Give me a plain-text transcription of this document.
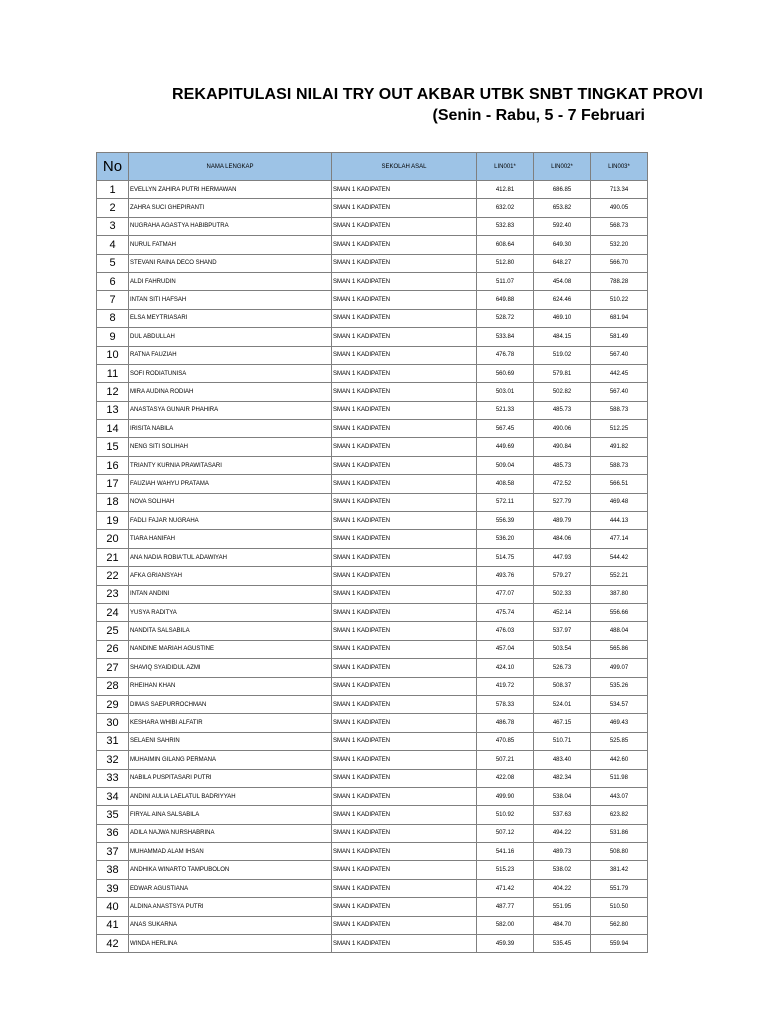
REKAPITULASI NILAI TRY OUT AKBAR UTBK SNBT TINGKAT PROVI
(Senin - Rabu, 5 - 7 Februari
No	NAMA LENGKAP	SEKOLAH ASAL	LIN001*	LIN002*	LIN003*
1	EVELLYN ZAHIRA PUTRI HERMAWAN	SMAN 1 KADIPATEN	412.81	686.85	713.34
2	ZAHRA SUCI GHEPIRANTI	SMAN 1 KADIPATEN	632.02	653.82	490.05
3	NUGRAHA AGASTYA HABIBPUTRA	SMAN 1 KADIPATEN	532.83	592.40	568.73
4	NURUL FATMAH	SMAN 1 KADIPATEN	608.64	649.30	532.20
5	STEVANI RAINA DECO SHAND	SMAN 1 KADIPATEN	512.80	648.27	566.70
6	ALDI FAHRUDIN	SMAN 1 KADIPATEN	511.07	454.08	788.28
7	INTAN SITI HAFSAH	SMAN 1 KADIPATEN	649.88	624.46	510.22
8	ELSA MEYTRIASARI	SMAN 1 KADIPATEN	528.72	469.10	681.94
9	DUL ABDULLAH	SMAN 1 KADIPATEN	533.84	484.15	581.49
10	RATNA FAUZIAH	SMAN 1 KADIPATEN	476.78	519.02	567.40
11	SOFI RODIATUNISA	SMAN 1 KADIPATEN	560.69	579.81	442.45
12	MIRA AUDINA RODIAH	SMAN 1 KADIPATEN	503.01	502.82	567.40
13	ANASTASYA GUNAIR PHAHIRA	SMAN 1 KADIPATEN	521.33	485.73	588.73
14	IRISITA NABILA	SMAN 1 KADIPATEN	567.45	490.06	512.25
15	NENG SITI SOLIHAH	SMAN 1 KADIPATEN	449.69	490.84	491.82
16	TRIANTY KURNIA PRAWITASARI	SMAN 1 KADIPATEN	509.04	485.73	588.73
17	FAUZIAH WAHYU PRATAMA	SMAN 1 KADIPATEN	408.58	472.52	566.51
18	NOVA SOLIHAH	SMAN 1 KADIPATEN	572.11	527.79	469.48
19	FADLI FAJAR NUGRAHA	SMAN 1 KADIPATEN	556.39	489.79	444.13
20	TIARA HANIFAH	SMAN 1 KADIPATEN	536.20	484.06	477.14
21	ANA NADIA ROBIA'TUL ADAWIYAH	SMAN 1 KADIPATEN	514.75	447.93	544.42
22	AFKA GRIANSYAH	SMAN 1 KADIPATEN	493.76	579.27	552.21
23	INTAN ANDINI	SMAN 1 KADIPATEN	477.07	502.33	387.80
24	YUSYA RADITYA	SMAN 1 KADIPATEN	475.74	452.14	556.66
25	NANDITA SALSABILA	SMAN 1 KADIPATEN	476.03	537.97	488.04
26	NANDINE MARIAH AGUSTINE	SMAN 1 KADIPATEN	457.04	503.54	565.86
27	SHAVIQ SYAIDIDUL AZMI	SMAN 1 KADIPATEN	424.10	526.73	499.07
28	RHEIHAN KHAN	SMAN 1 KADIPATEN	419.72	508.37	535.26
29	DIMAS SAEPURROCHMAN	SMAN 1 KADIPATEN	578.33	524.01	534.57
30	KESHARA WHIBI ALFATIR	SMAN 1 KADIPATEN	486.78	467.15	469.43
31	SELAENI SAHRIN	SMAN 1 KADIPATEN	470.85	510.71	525.85
32	MUHAIMIN GILANG PERMANA	SMAN 1 KADIPATEN	507.21	483.40	442.60
33	NABILA PUSPITASARI PUTRI	SMAN 1 KADIPATEN	422.08	482.34	511.98
34	ANDINI AULIA LAELATUL BADRIYYAH	SMAN 1 KADIPATEN	499.90	538.04	443.07
35	FIRYAL AINA SALSABILA	SMAN 1 KADIPATEN	510.92	537.63	623.82
36	ADILA NAJWA NURSHABRINA	SMAN 1 KADIPATEN	507.12	494.22	531.86
37	MUHAMMAD ALAM IHSAN	SMAN 1 KADIPATEN	541.16	489.73	508.80
38	ANDHIKA WINARTO TAMPUBOLON	SMAN 1 KADIPATEN	515.23	538.02	381.42
39	EDWAR AGUSTIANA	SMAN 1 KADIPATEN	471.42	404.22	551.79
40	ALDINA ANASTSYA PUTRI	SMAN 1 KADIPATEN	487.77	551.95	510.50
41	ANAS SUKARNA	SMAN 1 KADIPATEN	582.00	484.70	562.80
42	WINDA HERLINA	SMAN 1 KADIPATEN	459.39	535.45	559.94
